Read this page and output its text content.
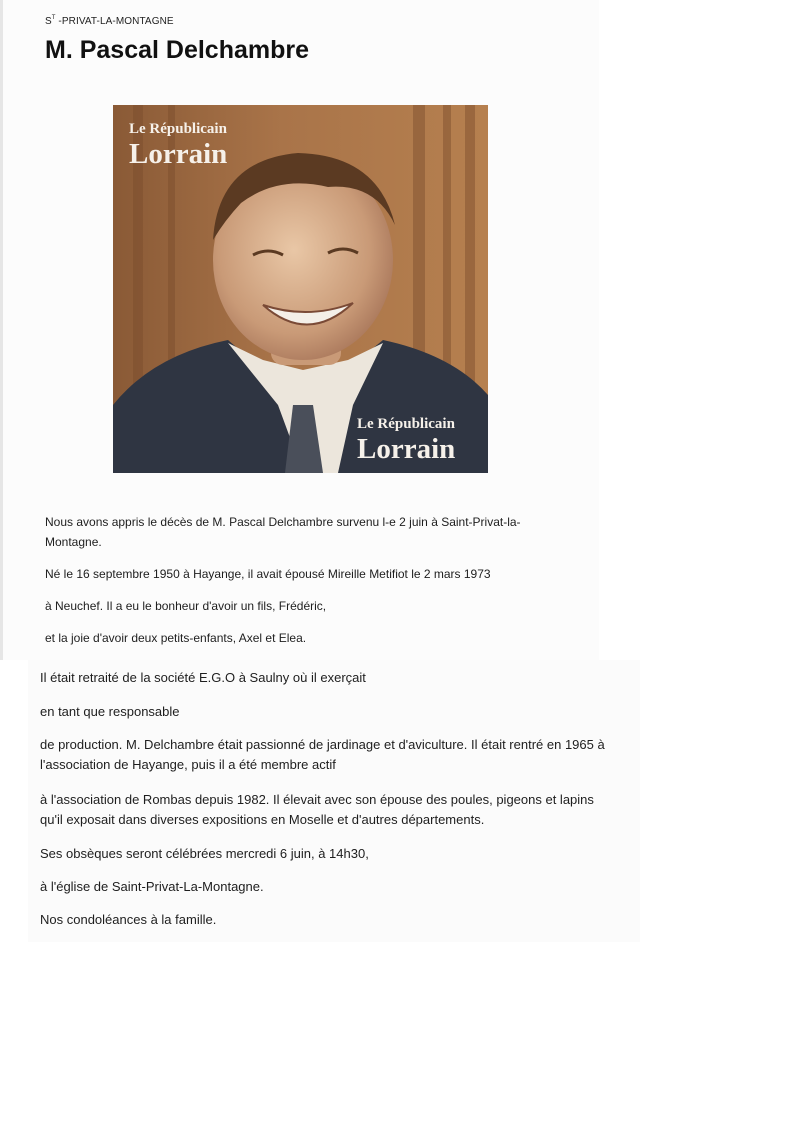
$S^T$ -PRIVAT-LA-MONTAGNE
M. Pascal Delchambre
Le Républicain
Lorrain
Le Républicain
Lorrain

Nous avons appris le décès de M. Pascal Delchambre survenu l-e 2 juin à Saint-Privat-la-Montagne.

Né le 16 septembre 1950 à Hayange, il avait épousé Mireille Metifiot le 2 mars 1973

à Neuchef. Il a eu le bonheur d'avoir un fils, Frédéric,

et la joie d'avoir deux petits-enfants, Axel et Elea.

Il était retraité de la société E.G.O à Saulny où il exerçait

en tant que responsable

de production. M. Delchambre était passionné de jardinage et d'aviculture. Il était rentré en 1965 à l'association de Hayange, puis il a été membre actif

à l'association de Rombas depuis 1982. Il élevait avec son épouse des poules, pigeons et lapins qu'il exposait dans diverses expositions en Moselle et d'autres départements.

Ses obsèques seront célébrées mercredi 6 juin, à 14h30,

à l'église de Saint-Privat-La-Montagne.

Nos condoléances à la famille.
